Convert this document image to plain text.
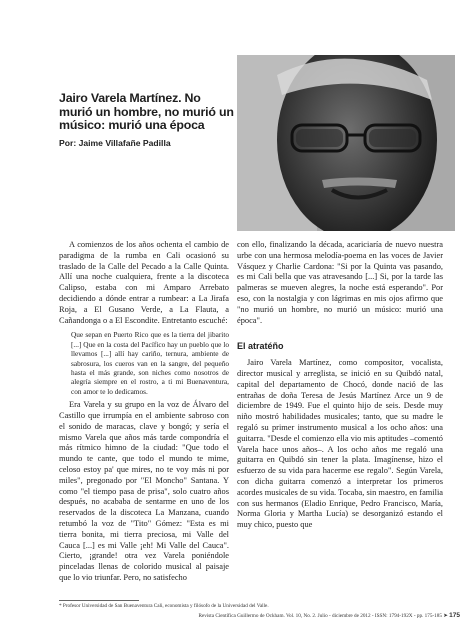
Jairo Varela Martínez. No murió un hombre, no murió un músico: murió una época

Por: Jaime Villafañe Padilla

A comienzos de los años ochenta el cambio de paradigma de la rumba en Cali ocasionó su traslado de la Calle del Pecado a la Calle Quinta. Allí una noche cualquiera, frente a la discoteca Calipso, estaba con mi Amparo Arrebato decidiendo a dónde entrar a rumbear: a La Jirafa Roja, a El Gusano Verde, a La Flauta, a Cañandonga o a El Escondite. Entretanto escuché:

Que sepan en Puerto Rico que es la tierra del jibarito [...] Que en la costa del Pacífico hay un pueblo que lo llevamos [...] allí hay cariño, ternura, ambiente de sabrosura, los cueros van en la sangre, del pequeño hasta el más grande, son niches como nosotros de alegría siempre en el rostro, a ti mi Buenaventura, con amor te lo dedicamos.

Era Varela y su grupo en la voz de Álvaro del Castillo que irrumpía en el ambiente sabroso con el sonido de maracas, clave y bongó; y sería el mismo Varela que años más tarde compondría el más rítmico himno de la ciudad: "Que todo el mundo te cante, que todo el mundo te mime, celoso estoy pa' que mires, no te voy más ni por miles", pregonado por "El Moncho" Santana. Y como "el tiempo pasa de prisa", solo cuatro años después, no acababa de sentarme en uno de los reservados de la discoteca La Manzana, cuando retumbó la voz de "Tito" Gómez: "Esta es mi tierra bonita, mi tierra preciosa, mi Valle del Cauca [...] es mi Valle ¡eh! Mi Valle del Cauca". Cierto, ¡grande! otra vez Varela poniéndole pinceladas llenas de colorido musical al paisaje que lo vio triunfar. Pero, no satisfecho

con ello, finalizando la década, acariciaría de nuevo nuestra urbe con una hermosa melodía-poema en las voces de Javier Vásquez y Charlie Cardona: "Si por la Quinta vas pasando, es mi Cali bella que vas atravesando [...] Si, por la tarde las palmeras se mueven alegres, la noche está esperando". Por eso, con la nostalgia y con lágrimas en mis ojos afirmo que "no murió un hombre, no murió un músico: murió una época".

El atratéño

Jairo Varela Martínez, como compositor, vocalista, director musical y arreglista, se inició en su Quibdó natal, capital del departamento de Chocó, donde nació de las entrañas de doña Teresa de Jesús Martínez Arce un 9 de diciembre de 1949. Fue el quinto hijo de seis. Desde muy niño mostró habilidades musicales; tanto, que su madre le regaló su primer instrumento musical a los ocho años: una guitarra. "Desde el comienzo ella vio mis aptitudes –comentó Varela hace unos años–. A los ocho años me regaló una guitarra en Quibdó sin tener la plata. Imagínense, hizo el esfuerzo de su vida para hacerme ese regalo". Según Varela, con dicha guitarra comenzó a interpretar los primeros acordes musicales de su vida. Tocaba, sin maestro, en familia con sus hermanos (Eladio Enrique, Pedro Francisco, María, Norma Gloria y Martha Lucía) se desorganizó estando el muy chico, puesto que

* Profesor Universidad de San Buenaventura Cali, economista y filósofo de la Universidad del Valle.

Revista Científica Guillermo de Ockham. Vol. 10, No. 2. Julio - diciembre de 2012 - ISSN: 1794-192X - pp. 175-185 ➤ 175
